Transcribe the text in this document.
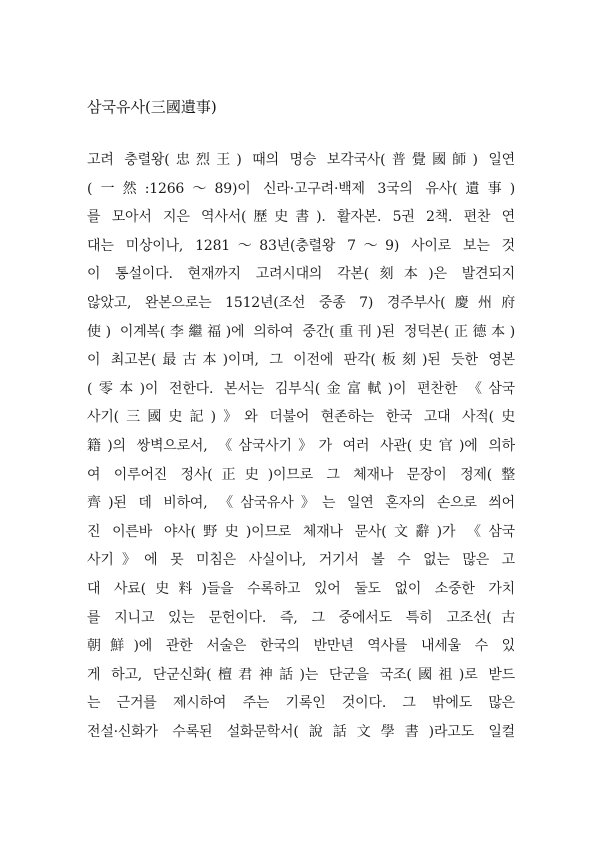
삼국유사(三國遺事)
고려 충렬왕(忠烈王) 때의 명승 보각국사(普覺國師) 일연
(一然:1266～89)이 신라·고구려·백제 3국의 유사(遺事)
를 모아서 지은 역사서(歷史書). 활자본. 5권 2책. 편찬 연
대는 미상이나, 1281～83년(충렬왕 7～9) 사이로 보는 것
이 통설이다. 현재까지 고려시대의 각본(刻本)은 발견되지
않았고, 완본으로는 1512년(조선 중종 7) 경주부사(慶州府
使) 이계복(李繼福)에 의하여 중간(重刊)된 정덕본(正德本)
이 최고본(最古本)이며, 그 이전에 판각(板刻)된 듯한 영본
(零本)이 전한다. 본서는 김부식(金富軾)이 편찬한 《삼국
사기(三國史記)》와 더불어 현존하는 한국 고대 사적(史
籍)의 쌍벽으로서, 《삼국사기》가 여러 사관(史官)에 의하
여 이루어진 정사(正史)이므로 그 체재나 문장이 정제(整
齊)된 데 비하여, 《삼국유사》는 일연 혼자의 손으로 씌어
진 이른바 야사(野史)이므로 체재나 문사(文辭)가 《삼국
사기》에 못 미침은 사실이나, 거기서 볼 수 없는 많은 고
대 사료(史料)들을 수록하고 있어 둘도 없이 소중한 가치
를 지니고 있는 문헌이다. 즉, 그 중에서도 특히 고조선(古
朝鮮)에 관한 서술은 한국의 반만년 역사를 내세울 수 있
게 하고, 단군신화(檀君神話)는 단군을 국조(國祖)로 받드
는 근거를 제시하여 주는 기록인 것이다. 그 밖에도 많은
전설·신화가 수록된 설화문학서(說話文學書)라고도 일컬
